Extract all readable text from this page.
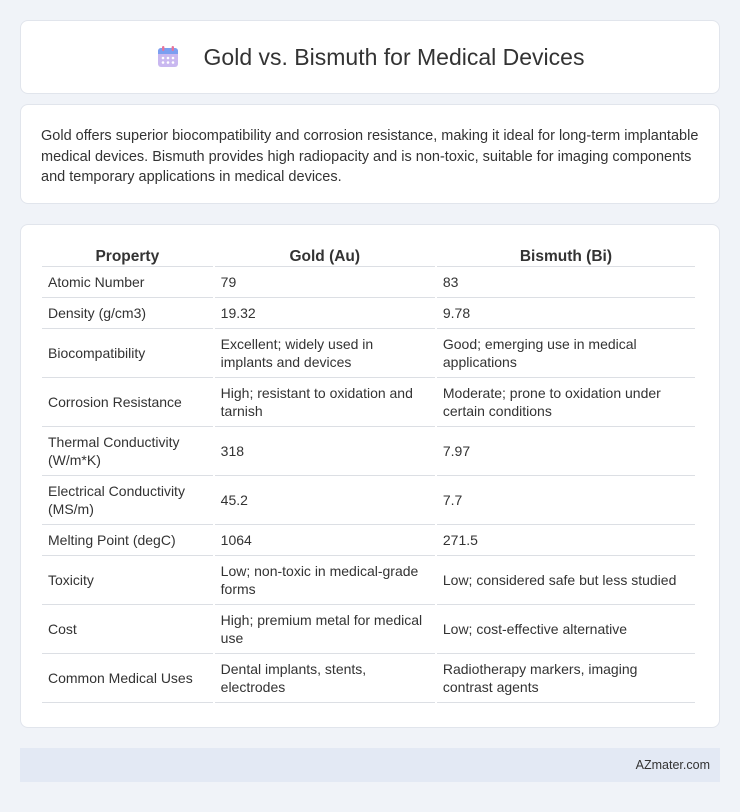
Gold vs. Bismuth for Medical Devices

Gold offers superior biocompatibility and corrosion resistance, making it ideal for long-term implantable medical devices. Bismuth provides high radiopacity and is non-toxic, suitable for imaging components and temporary applications in medical devices.

Property	Gold (Au)	Bismuth (Bi)
Atomic Number	79	83
Density (g/cm3)	19.32	9.78
Biocompatibility	Excellent; widely used in implants and devices	Good; emerging use in medical applications
Corrosion Resistance	High; resistant to oxidation and tarnish	Moderate; prone to oxidation under certain conditions
Thermal Conductivity (W/m*K)	318	7.97
Electrical Conductivity (MS/m)	45.2	7.7
Melting Point (degC)	1064	271.5
Toxicity	Low; non-toxic in medical-grade forms	Low; considered safe but less studied
Cost	High; premium metal for medical use	Low; cost-effective alternative
Common Medical Uses	Dental implants, stents, electrodes	Radiotherapy markers, imaging contrast agents
AZmater.com
